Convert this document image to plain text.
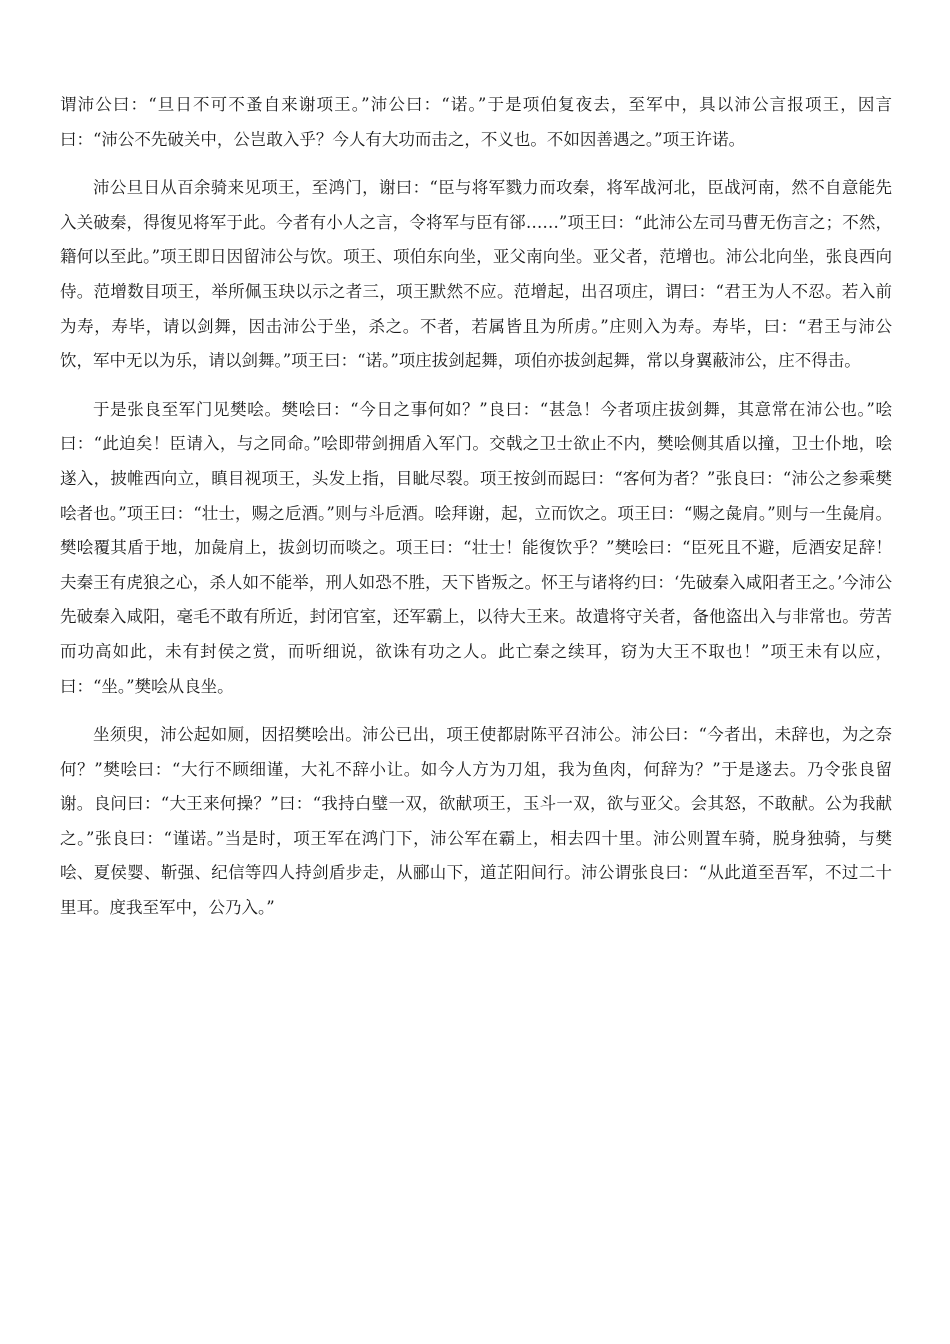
谓沛公曰：“旦日不可不蚤自来谢项王。”沛公曰：“诺。”于是项伯复夜去，至军中，具以沛公言报项王，因言曰：“沛公不先破关中，公岂敢入乎？今人有大功而击之，不义也。不如因善遇之。”项王许诺。

沛公旦日从百余骑来见项王，至鸿门，谢曰：“臣与将军戮力而攻秦，将军战河北，臣战河南，然不自意能先入关破秦，得復见将军于此。今者有小人之言，令将军与臣有郤……”项王曰：“此沛公左司马曹无伤言之；不然，籍何以至此。”项王即日因留沛公与饮。项王、项伯东向坐，亚父南向坐。亚父者，范增也。沛公北向坐，张良西向侍。范增数目项王，举所佩玉玦以示之者三，项王默然不应。范增起，出召项庄，谓曰：“君王为人不忍。若入前为寿，寿毕，请以剑舞，因击沛公于坐，杀之。不者，若属皆且为所虏。”庄则入为寿。寿毕，曰：“君王与沛公饮，军中无以为乐，请以剑舞。”项王曰：“诺。”项庄拔剑起舞，项伯亦拔剑起舞，常以身翼蔽沛公，庄不得击。

于是张良至军门见樊哙。樊哙曰：“今日之事何如？”良曰：“甚急！今者项庄拔剑舞，其意常在沛公也。”哙曰：“此迫矣！臣请入，与之同命。”哙即带剑拥盾入军门。交戟之卫士欲止不内，樊哙侧其盾以撞，卫士仆地，哙遂入，披帷西向立，瞋目视项王，头发上指，目眦尽裂。项王按剑而跽曰：“客何为者？”张良曰：“沛公之参乘樊哙者也。”项王曰：“壮士，赐之卮酒。”则与斗卮酒。哙拜谢，起，立而饮之。项王曰：“赐之彘肩。”则与一生彘肩。樊哙覆其盾于地，加彘肩上，拔剑切而啖之。项王曰：“壮士！能復饮乎？”樊哙曰：“臣死且不避，卮酒安足辞！夫秦王有虎狼之心，杀人如不能举，刑人如恐不胜，天下皆叛之。怀王与诸将约曰：‘先破秦入咸阳者王之。’今沛公先破秦入咸阳，毫毛不敢有所近，封闭官室，还军霸上，以待大王来。故遣将守关者，备他盗出入与非常也。劳苦而功高如此，未有封侯之赏，而听细说，欲诛有功之人。此亡秦之续耳，窃为大王不取也！”项王未有以应，曰：“坐。”樊哙从良坐。

坐须臾，沛公起如厕，因招樊哙出。沛公已出，项王使都尉陈平召沛公。沛公曰：“今者出，未辞也，为之奈何？”樊哙曰：“大行不顾细谨，大礼不辞小让。如今人方为刀俎，我为鱼肉，何辞为？”于是遂去。乃令张良留谢。良问曰：“大王来何操？”曰：“我持白璧一双，欲献项王，玉斗一双，欲与亚父。会其怒，不敢献。公为我献之。”张良曰：“谨诺。”当是时，项王军在鸿门下，沛公军在霸上，相去四十里。沛公则置车骑，脱身独骑，与樊哙、夏侯婴、靳强、纪信等四人持剑盾步走，从郦山下，道芷阳间行。沛公谓张良曰：“从此道至吾军，不过二十里耳。度我至军中，公乃入。”
